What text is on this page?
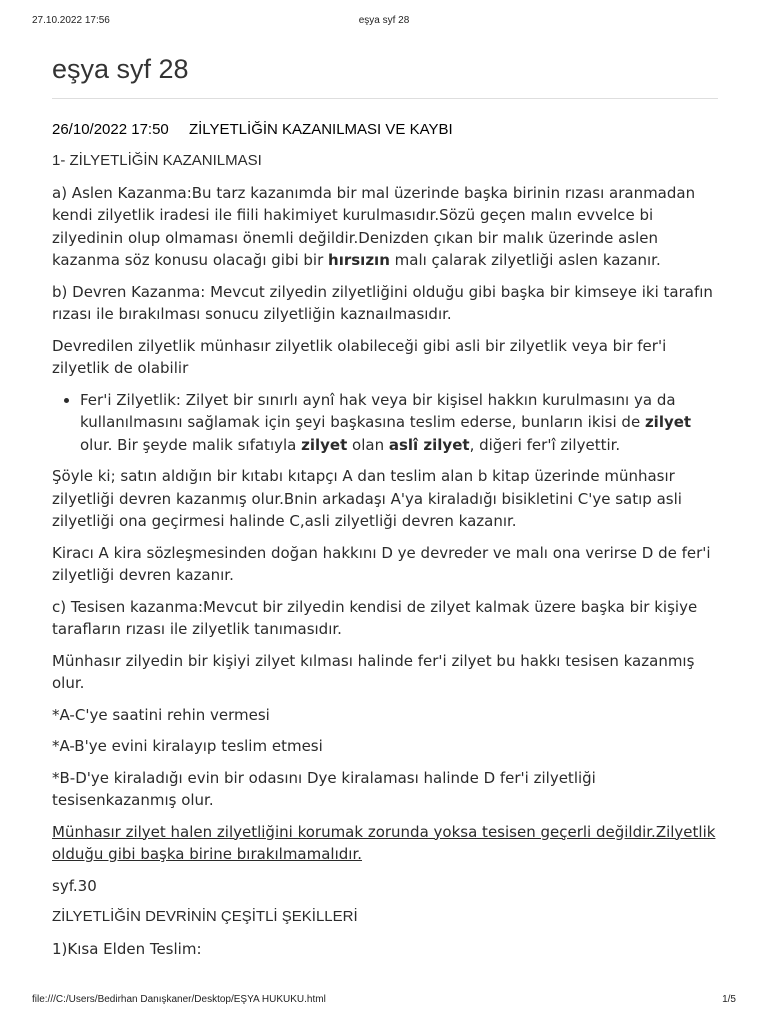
27.10.2022 17:56	eşya syf 28
eşya syf 28
26/10/2022 17:50 ZİLYETLİĞİN KAZANILMASI VE KAYBI

1- ZİLYETLİĞİN KAZANILMASI

a) Aslen Kazanma:Bu tarz kazanımda bir mal üzerinde başka birinin rızası aranmadan kendi zilyetlik iradesi ile fiili hakimiyet kurulmasıdır.Sözü geçen malın evvelce bi zilyedinin olup olmaması önemli değildir.Denizden çıkan bir malık üzerinde aslen kazanma söz konusu olacağı gibi bir hırsızın malı çalarak zilyetliği aslen kazanır.

b) Devren Kazanma: Mevcut zilyedin zilyetliğini olduğu gibi başka bir kimseye iki tarafın rızası ile bırakılması sonucu zilyetliğin kaznaılmasıdır.

Devredilen zilyetlik münhasır zilyetlik olabileceği gibi asli bir zilyetlik veya bir fer'i zilyetlik de olabilir

• Fer'i Zilyetlik: Zilyet bir sınırlı aynî hak veya bir kişisel hakkın kurulmasını ya da kullanılmasını sağlamak için şeyi başkasına teslim ederse, bunların ikisi de zilyet olur. Bir şeyde malik sıfatıyla zilyet olan aslî zilyet, diğeri fer'î zilyettir.

Şöyle ki; satın aldığın bir kıtabı kıtapçı A dan teslim alan b kitap üzerinde münhasır zilyetliği devren kazanmış olur.Bnin arkadaşı A'ya kiraladığı bisikletini C'ye satıp asli zilyetliği ona geçirmesi halinde C,asli zilyetliği devren kazanır.

Kiracı A kira sözleşmesinden doğan hakkını D ye devreder ve malı ona verirse D de fer'i zilyetliği devren kazanır.

c) Tesisen kazanma:Mevcut bir zilyedin kendisi de zilyet kalmak üzere başka bir kişiye tarafların rızası ile zilyetlik tanımasıdır.

Münhasır zilyedin bir kişiyi zilyet kılması halinde fer'i zilyet bu hakkı tesisen kazanmış olur.

*A-C'ye saatini rehin vermesi

*A-B'ye evini kiralayıp teslim etmesi

*B-D'ye kiraladığı evin bir odasını Dye kiralaması halinde D fer'i zilyetliği tesisenkazanmış olur.

Münhasır zilyet halen zilyetliğini korumak zorunda yoksa tesisen geçerli değildir.Zilyetlik olduğu gibi başka birine bırakılmamalıdır.

syf.30

ZİLYETLİĞİN DEVRİNİN ÇEŞİTLİ ŞEKİLLERİ

1)Kısa Elden Teslim:

file:///C:/Users/Bedirhan Danışkaner/Desktop/EŞYA HUKUKU.html	1/5
